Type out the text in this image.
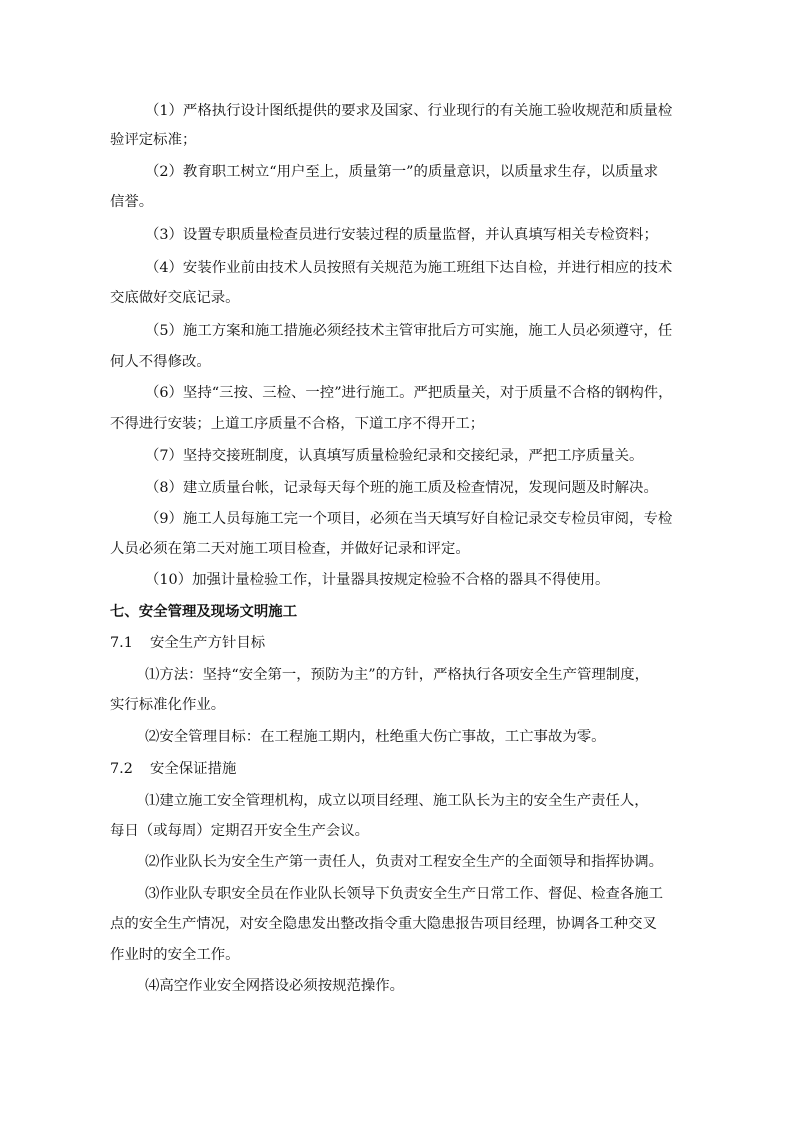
（1）严格执行设计图纸提供的要求及国家、行业现行的有关施工验收规范和质量检
验评定标准；
（2）教育职工树立“用户至上，质量第一”的质量意识，以质量求生存，以质量求
信誉。
（3）设置专职质量检查员进行安装过程的质量监督，并认真填写相关专检资料；
（4）安装作业前由技术人员按照有关规范为施工班组下达自检，并进行相应的技术
交底做好交底记录。
（5）施工方案和施工措施必须经技术主管审批后方可实施，施工人员必须遵守，任
何人不得修改。
（6）坚持“三按、三检、一控”进行施工。严把质量关，对于质量不合格的钢构件，
不得进行安装；上道工序质量不合格，下道工序不得开工；
（7）坚持交接班制度，认真填写质量检验纪录和交接纪录，严把工序质量关。
（8）建立质量台帐，记录每天每个班的施工质及检查情况，发现问题及时解决。
（9）施工人员每施工完一个项目，必须在当天填写好自检记录交专检员审阅，专检
人员必须在第二天对施工项目检查，并做好记录和评定。
（10）加强计量检验工作，计量器具按规定检验不合格的器具不得使用。
七、安全管理及现场文明施工
7.1 安全生产方针目标
⑴方法：坚持“安全第一，预防为主”的方针，严格执行各项安全生产管理制度，
实行标准化作业。
⑵安全管理目标：在工程施工期内，杜绝重大伤亡事故，工亡事故为零。
7.2 安全保证措施
⑴建立施工安全管理机构，成立以项目经理、施工队长为主的安全生产责任人，
每日（或每周）定期召开安全生产会议。
⑵作业队长为安全生产第一责任人，负责对工程安全生产的全面领导和指挥协调。
⑶作业队专职安全员在作业队长领导下负责安全生产日常工作、督促、检查各施工
点的安全生产情况，对安全隐患发出整改指令重大隐患报告项目经理，协调各工种交叉
作业时的安全工作。
⑷高空作业安全网搭设必须按规范操作。
